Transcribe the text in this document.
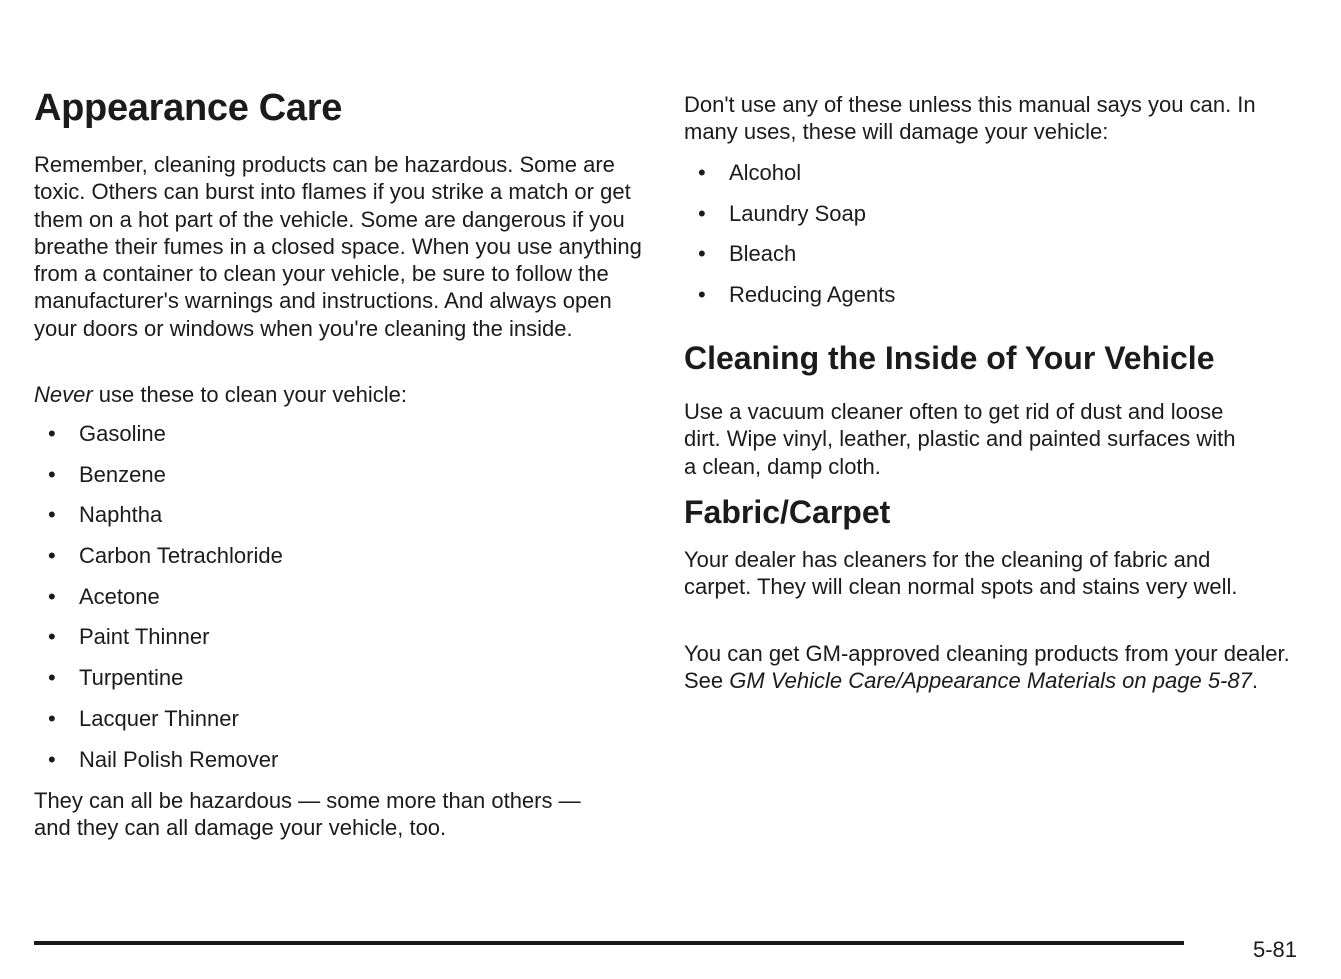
Appearance Care

Remember, cleaning products can be hazardous. Some are toxic. Others can burst into flames if you strike a match or get them on a hot part of the vehicle. Some are dangerous if you breathe their fumes in a closed space. When you use anything from a container to clean your vehicle, be sure to follow the manufacturer's warnings and instructions. And always open your doors or windows when you're cleaning the inside.

Never use these to clean your vehicle:

• Gasoline
• Benzene
• Naphtha
• Carbon Tetrachloride
• Acetone
• Paint Thinner
• Turpentine
• Lacquer Thinner
• Nail Polish Remover

They can all be hazardous — some more than others — and they can all damage your vehicle, too.

Don't use any of these unless this manual says you can. In many uses, these will damage your vehicle:

• Alcohol
• Laundry Soap
• Bleach
• Reducing Agents
Cleaning the Inside of Your Vehicle

Use a vacuum cleaner often to get rid of dust and loose dirt. Wipe vinyl, leather, plastic and painted surfaces with a clean, damp cloth.

Fabric/Carpet

Your dealer has cleaners for the cleaning of fabric and carpet. They will clean normal spots and stains very well.

You can get GM-approved cleaning products from your dealer. See GM Vehicle Care/Appearance Materials on page 5-87.

5-81
